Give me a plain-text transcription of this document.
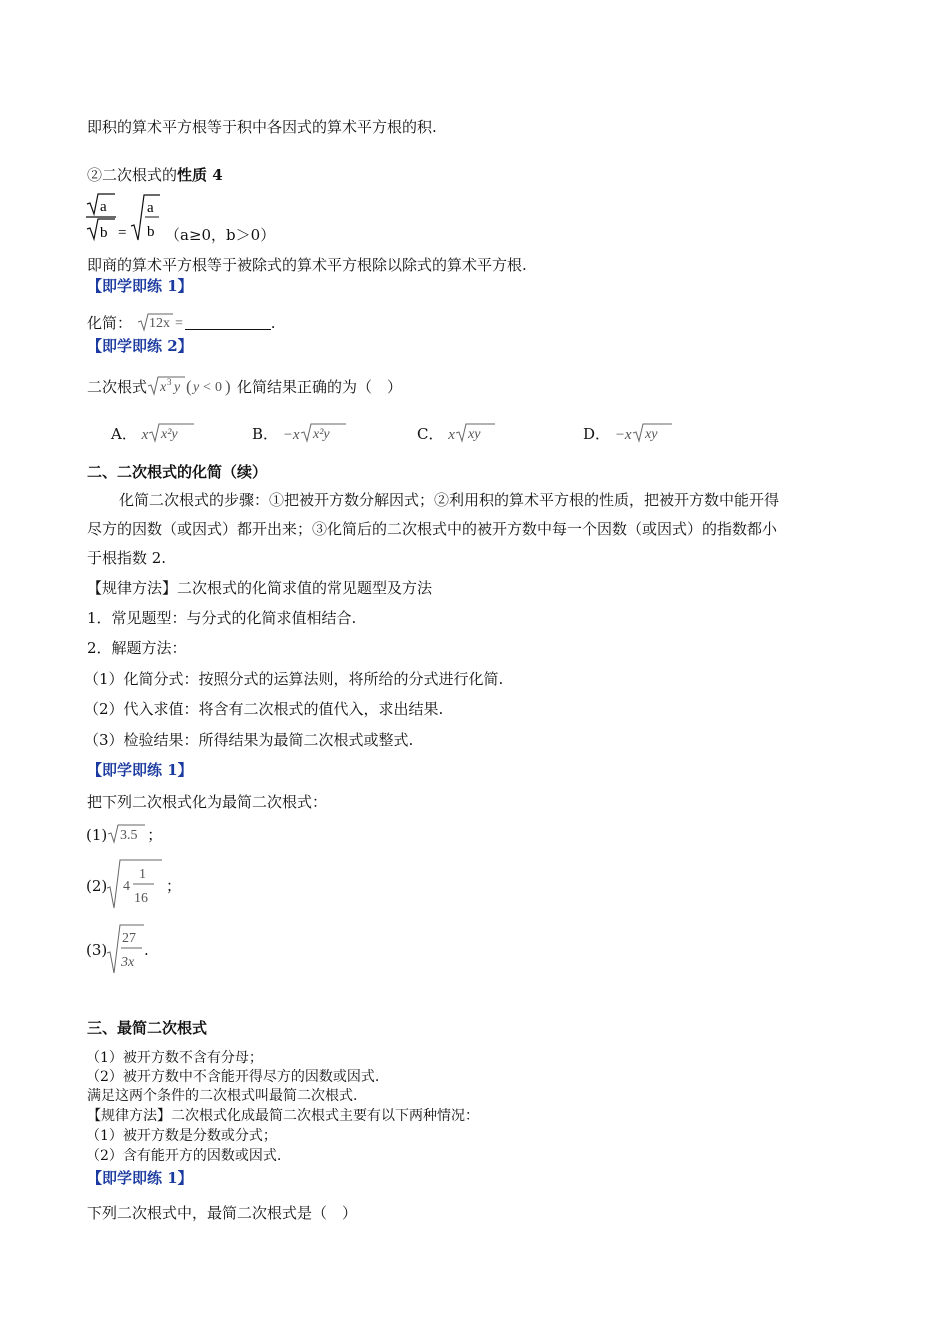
即积的算术平方根等于积中各因式的算术平方根的积.
②二次根式的性质 4
a
b =
a
b （a≥0，b＞0）
即商的算术平方根等于被除式的算术平方根除以除式的算术平方根.
【即学即练 1】
化简： 12x =	.
【即学即练 2】
二次根式 x 3 y ( y < 0 ) 化简结果正确的为（　）
A． x x²y	B． −x x²y	C． x xy	D． −x xy
二、二次根式的化简（续）
化简二次根式的步骤：①把被开方数分解因式；②利用积的算术平方根的性质，把被开方数中能开得
尽方的因数（或因式）都开出来；③化简后的二次根式中的被开方数中每一个因数（或因式）的指数都小
于根指数 2.
【规律方法】二次根式的化简求值的常见题型及方法
1．常见题型：与分式的化简求值相结合.
2．解题方法：
（1）化简分式：按照分式的运算法则，将所给的分式进行化简.
（2）代入求值：将含有二次根式的值代入，求出结果.
（3）检验结果：所得结果为最简二次根式或整式.
【即学即练 1】
把下列二次根式化为最简二次根式：
(1) 3.5 ；
(2) 4
1
16
；
(3)
27
3x
.
三、最简二次根式
（1）被开方数不含有分母；
（2）被开方数中不含能开得尽方的因数或因式.
满足这两个条件的二次根式叫最简二次根式.
【规律方法】二次根式化成最简二次根式主要有以下两种情况：
（1）被开方数是分数或分式；
（2）含有能开方的因数或因式.
【即学即练 1】
下列二次根式中，最简二次根式是（　）
